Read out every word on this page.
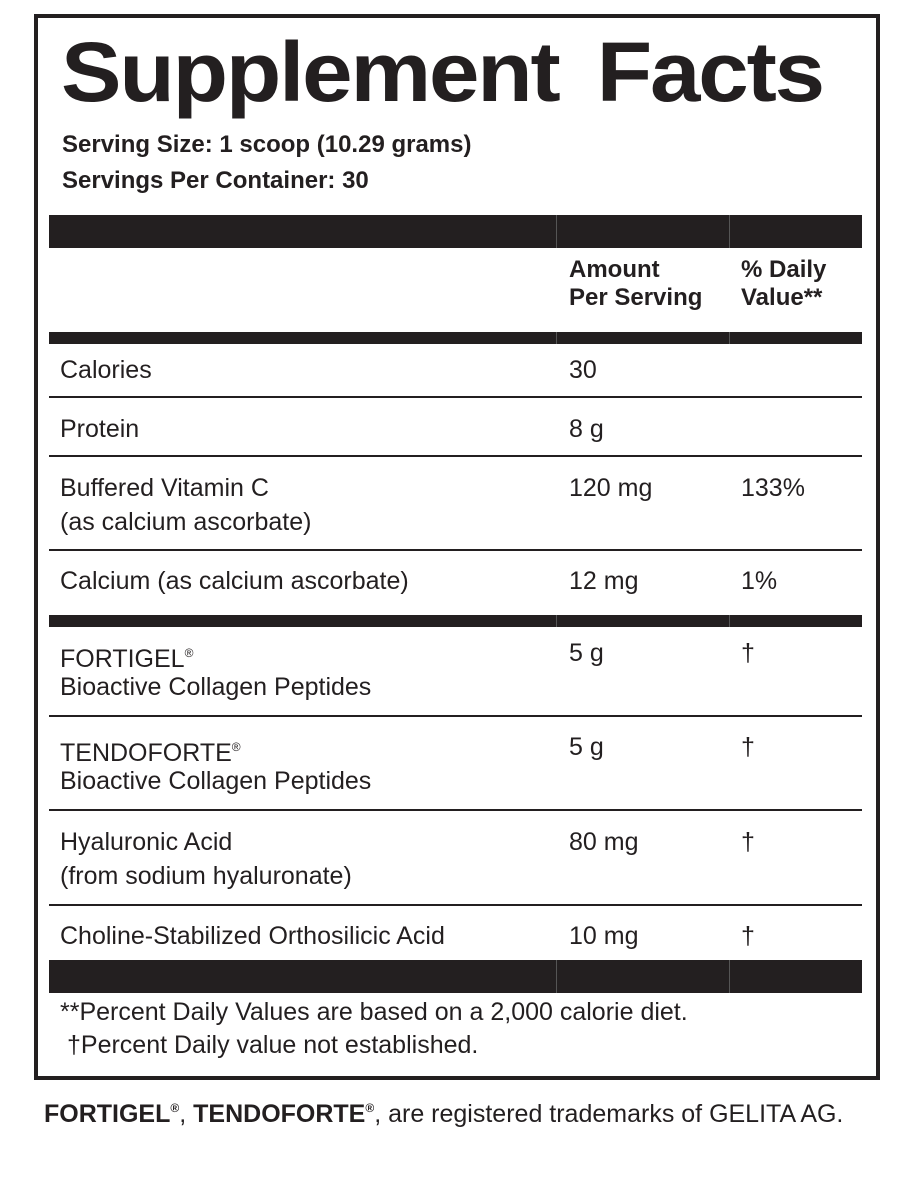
Supplement Facts
Serving Size: 1 scoop (10.29 grams)
Servings Per Container: 30
Amount
Per Serving
% Daily
Value**
Calories	30
Protein	8 g
Buffered Vitamin C
(as calcium ascorbate)
120 mg	133%
Calcium (as calcium ascorbate)	12 mg	1%
FORTIGEL®
Bioactive Collagen Peptides
5 g	†
TENDOFORTE®
Bioactive Collagen Peptides
5 g	†
Hyaluronic Acid
(from sodium hyaluronate)
80 mg	†
Choline-Stabilized Orthosilicic Acid	10 mg	†
**Percent Daily Values are based on a 2,000 calorie diet.
†Percent Daily value not established.
FORTIGEL®, TENDOFORTE®, are registered trademarks of GELITA AG.
